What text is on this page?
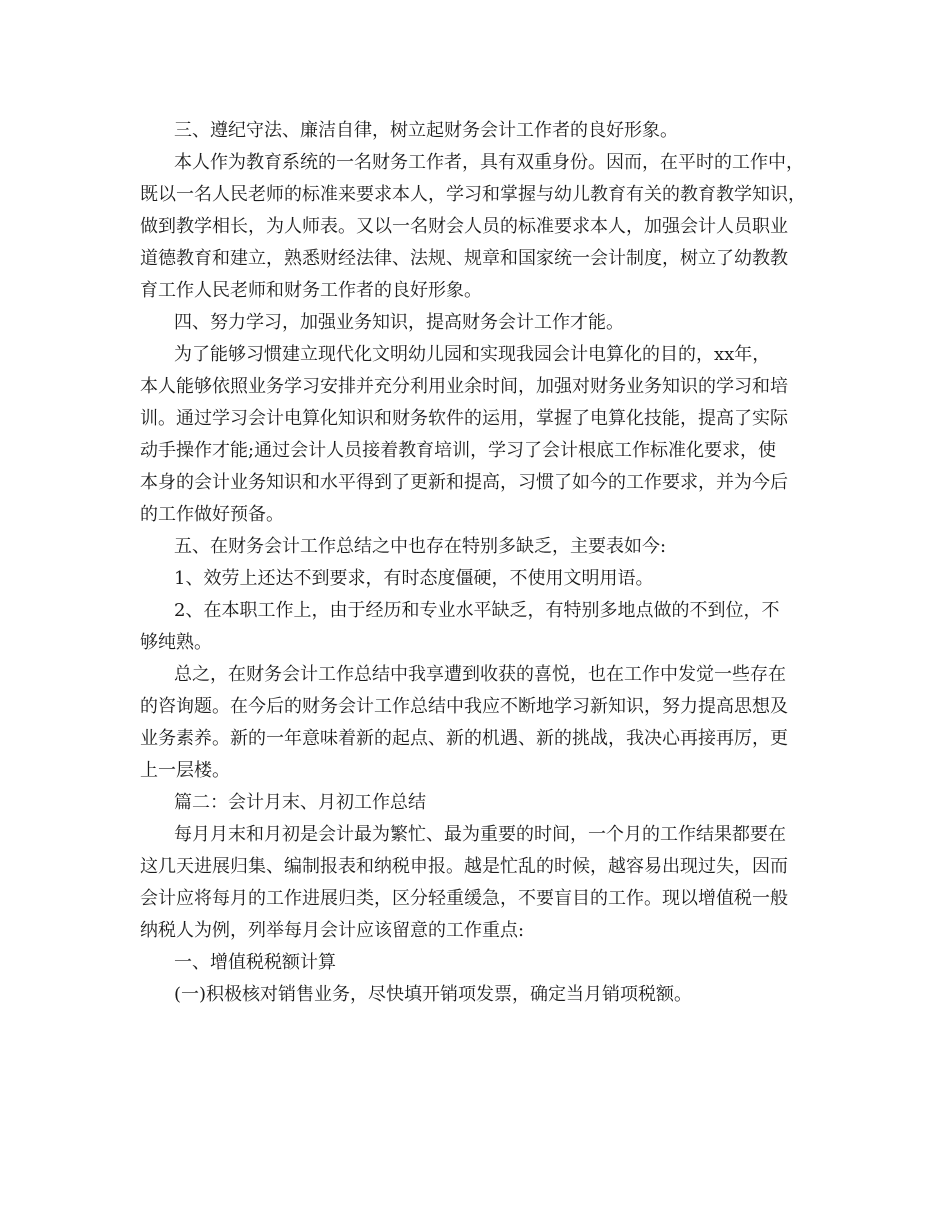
三、遵纪守法、廉洁自律，树立起财务会计工作者的良好形象。
本人作为教育系统的一名财务工作者，具有双重身份。因而，在平时的工作中，
既以一名人民老师的标准来要求本人，学习和掌握与幼儿教育有关的教育教学知识，
做到教学相长，为人师表。又以一名财会人员的标准要求本人，加强会计人员职业
道德教育和建立，熟悉财经法律、法规、规章和国家统一会计制度，树立了幼教教
育工作人民老师和财务工作者的良好形象。
四、努力学习，加强业务知识，提高财务会计工作才能。
为了能够习惯建立现代化文明幼儿园和实现我园会计电算化的目的，xx年，
本人能够依照业务学习安排并充分利用业余时间，加强对财务业务知识的学习和培
训。通过学习会计电算化知识和财务软件的运用，掌握了电算化技能，提高了实际
动手操作才能;通过会计人员接着教育培训，学习了会计根底工作标准化要求，使
本身的会计业务知识和水平得到了更新和提高，习惯了如今的工作要求，并为今后
的工作做好预备。
五、在财务会计工作总结之中也存在特别多缺乏，主要表如今:
1、效劳上还达不到要求，有时态度僵硬，不使用文明用语。
2、在本职工作上，由于经历和专业水平缺乏，有特别多地点做的不到位，不
够纯熟。
总之，在财务会计工作总结中我享遭到收获的喜悦，也在工作中发觉一些存在
的咨询题。在今后的财务会计工作总结中我应不断地学习新知识，努力提高思想及
业务素养。新的一年意味着新的起点、新的机遇、新的挑战，我决心再接再厉，更
上一层楼。
篇二：会计月末、月初工作总结
每月月末和月初是会计最为繁忙、最为重要的时间，一个月的工作结果都要在
这几天进展归集、编制报表和纳税申报。越是忙乱的时候，越容易出现过失，因而
会计应将每月的工作进展归类，区分轻重缓急，不要盲目的工作。现以增值税一般
纳税人为例，列举每月会计应该留意的工作重点:
一、增值税税额计算
(一)积极核对销售业务，尽快填开销项发票，确定当月销项税额。
